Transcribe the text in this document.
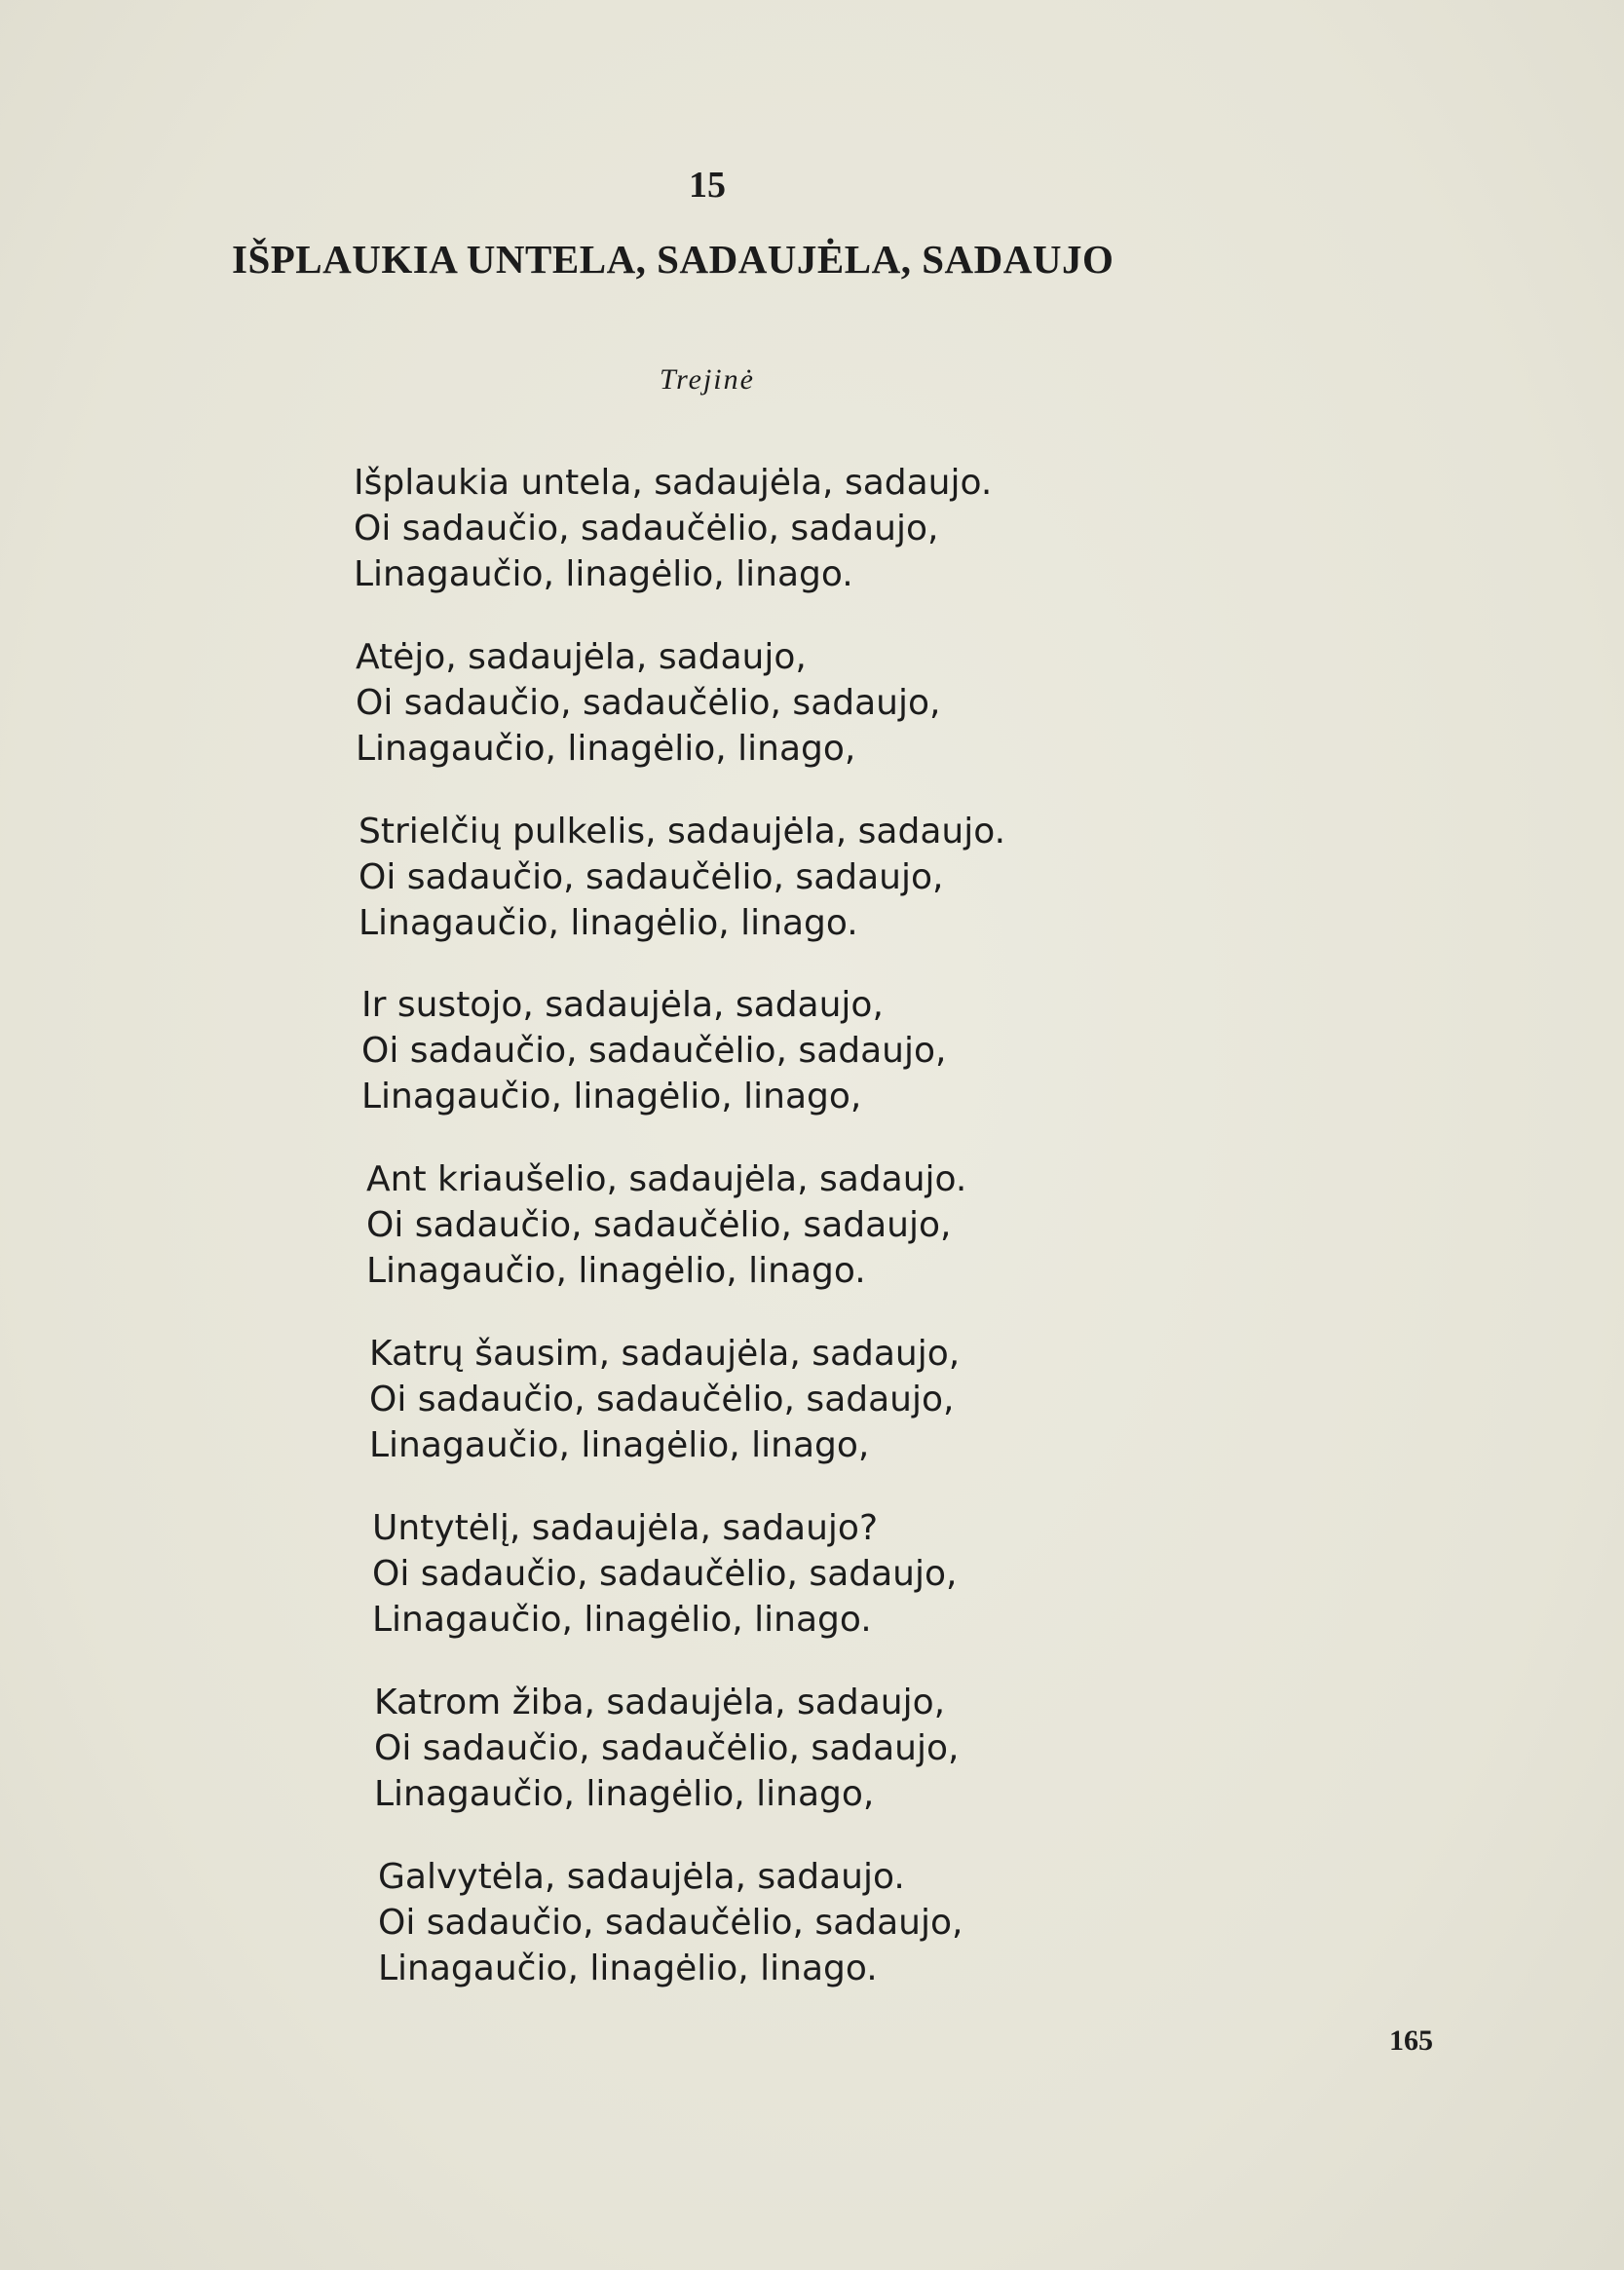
15
IŠPLAUKIA UNTELA, SADAUJĖLA, SADAUJO
Trejinė
Išplaukia untela, sadaujėla, sadaujo.
Oi sadaučio, sadaučėlio, sadaujo,
Linagaučio, linagėlio, linago.
Atėjo, sadaujėla, sadaujo,
Oi sadaučio, sadaučėlio, sadaujo,
Linagaučio, linagėlio, linago,
Strielčių pulkelis, sadaujėla, sadaujo.
Oi sadaučio, sadaučėlio, sadaujo,
Linagaučio, linagėlio, linago.
Ir sustojo, sadaujėla, sadaujo,
Oi sadaučio, sadaučėlio, sadaujo,
Linagaučio, linagėlio, linago,
Ant kriaušelio, sadaujėla, sadaujo.
Oi sadaučio, sadaučėlio, sadaujo,
Linagaučio, linagėlio, linago.
Katrų šausim, sadaujėla, sadaujo,
Oi sadaučio, sadaučėlio, sadaujo,
Linagaučio, linagėlio, linago,
Untytėlį, sadaujėla, sadaujo?
Oi sadaučio, sadaučėlio, sadaujo,
Linagaučio, linagėlio, linago.
Katrom žiba, sadaujėla, sadaujo,
Oi sadaučio, sadaučėlio, sadaujo,
Linagaučio, linagėlio, linago,
Galvytėla, sadaujėla, sadaujo.
Oi sadaučio, sadaučėlio, sadaujo,
Linagaučio, linagėlio, linago.
165
